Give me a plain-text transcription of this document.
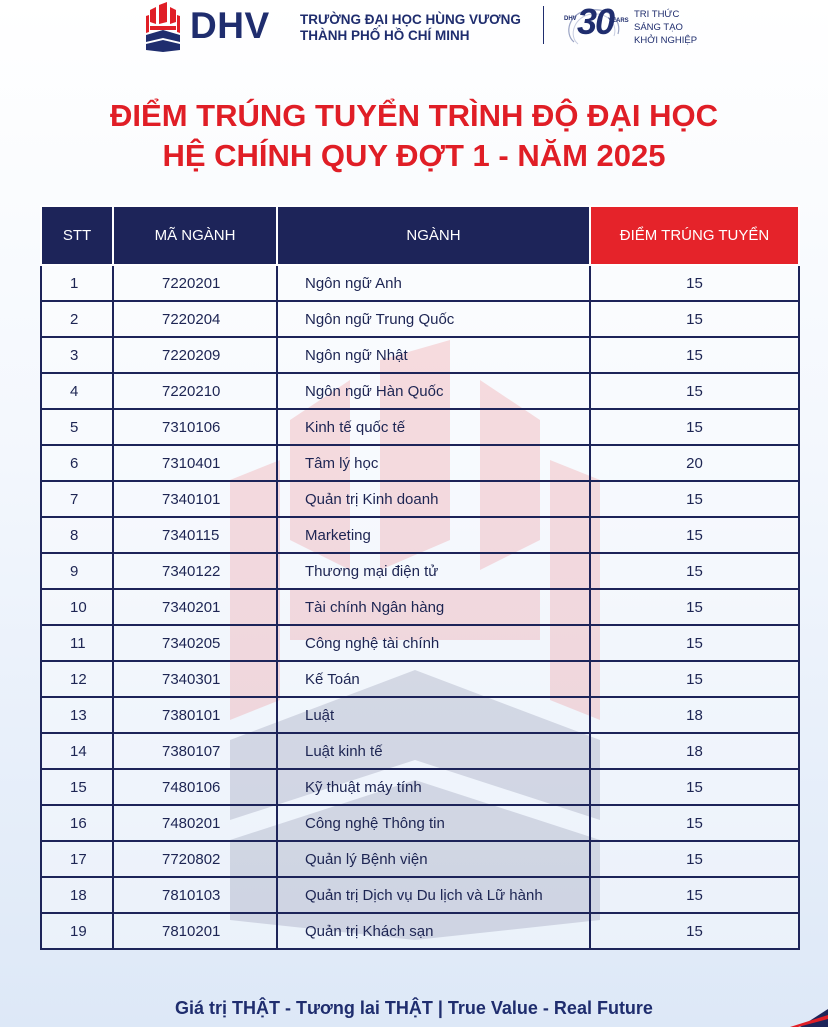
DHV TRƯỜNG ĐẠI HỌC HÙNG VƯƠNG
THÀNH PHỐ HỒ CHÍ MINH
DHV 30
YEARS
TRI THỨC
SÁNG TẠO
KHỞI NGHIỆP
ĐIỂM TRÚNG TUYỂN TRÌNH ĐỘ ĐẠI HỌC
HỆ CHÍNH QUY ĐỢT 1 - NĂM 2025
STT	MÃ NGÀNH	NGÀNH	ĐIỂM TRÚNG TUYỂN
1	7220201	Ngôn ngữ Anh	15
2	7220204	Ngôn ngữ Trung Quốc	15
3	7220209	Ngôn ngữ Nhật	15
4	7220210	Ngôn ngữ Hàn Quốc	15
5	7310106	Kinh tế quốc tế	15
6	7310401	Tâm lý học	20
7	7340101	Quản trị Kinh doanh	15
8	7340115	Marketing	15
9	7340122	Thương mại điện tử	15
10	7340201	Tài chính Ngân hàng	15
11	7340205	Công nghệ tài chính	15
12	7340301	Kế Toán	15
13	7380101	Luật	18
14	7380107	Luật kinh tế	18
15	7480106	Kỹ thuật máy tính	15
16	7480201	Công nghệ Thông tin	15
17	7720802	Quản lý Bệnh viện	15
18	7810103	Quản trị Dịch vụ Du lịch và Lữ hành	15
19	7810201	Quản trị Khách sạn	15
Giá trị THẬT - Tương lai THẬT | True Value - Real Future
